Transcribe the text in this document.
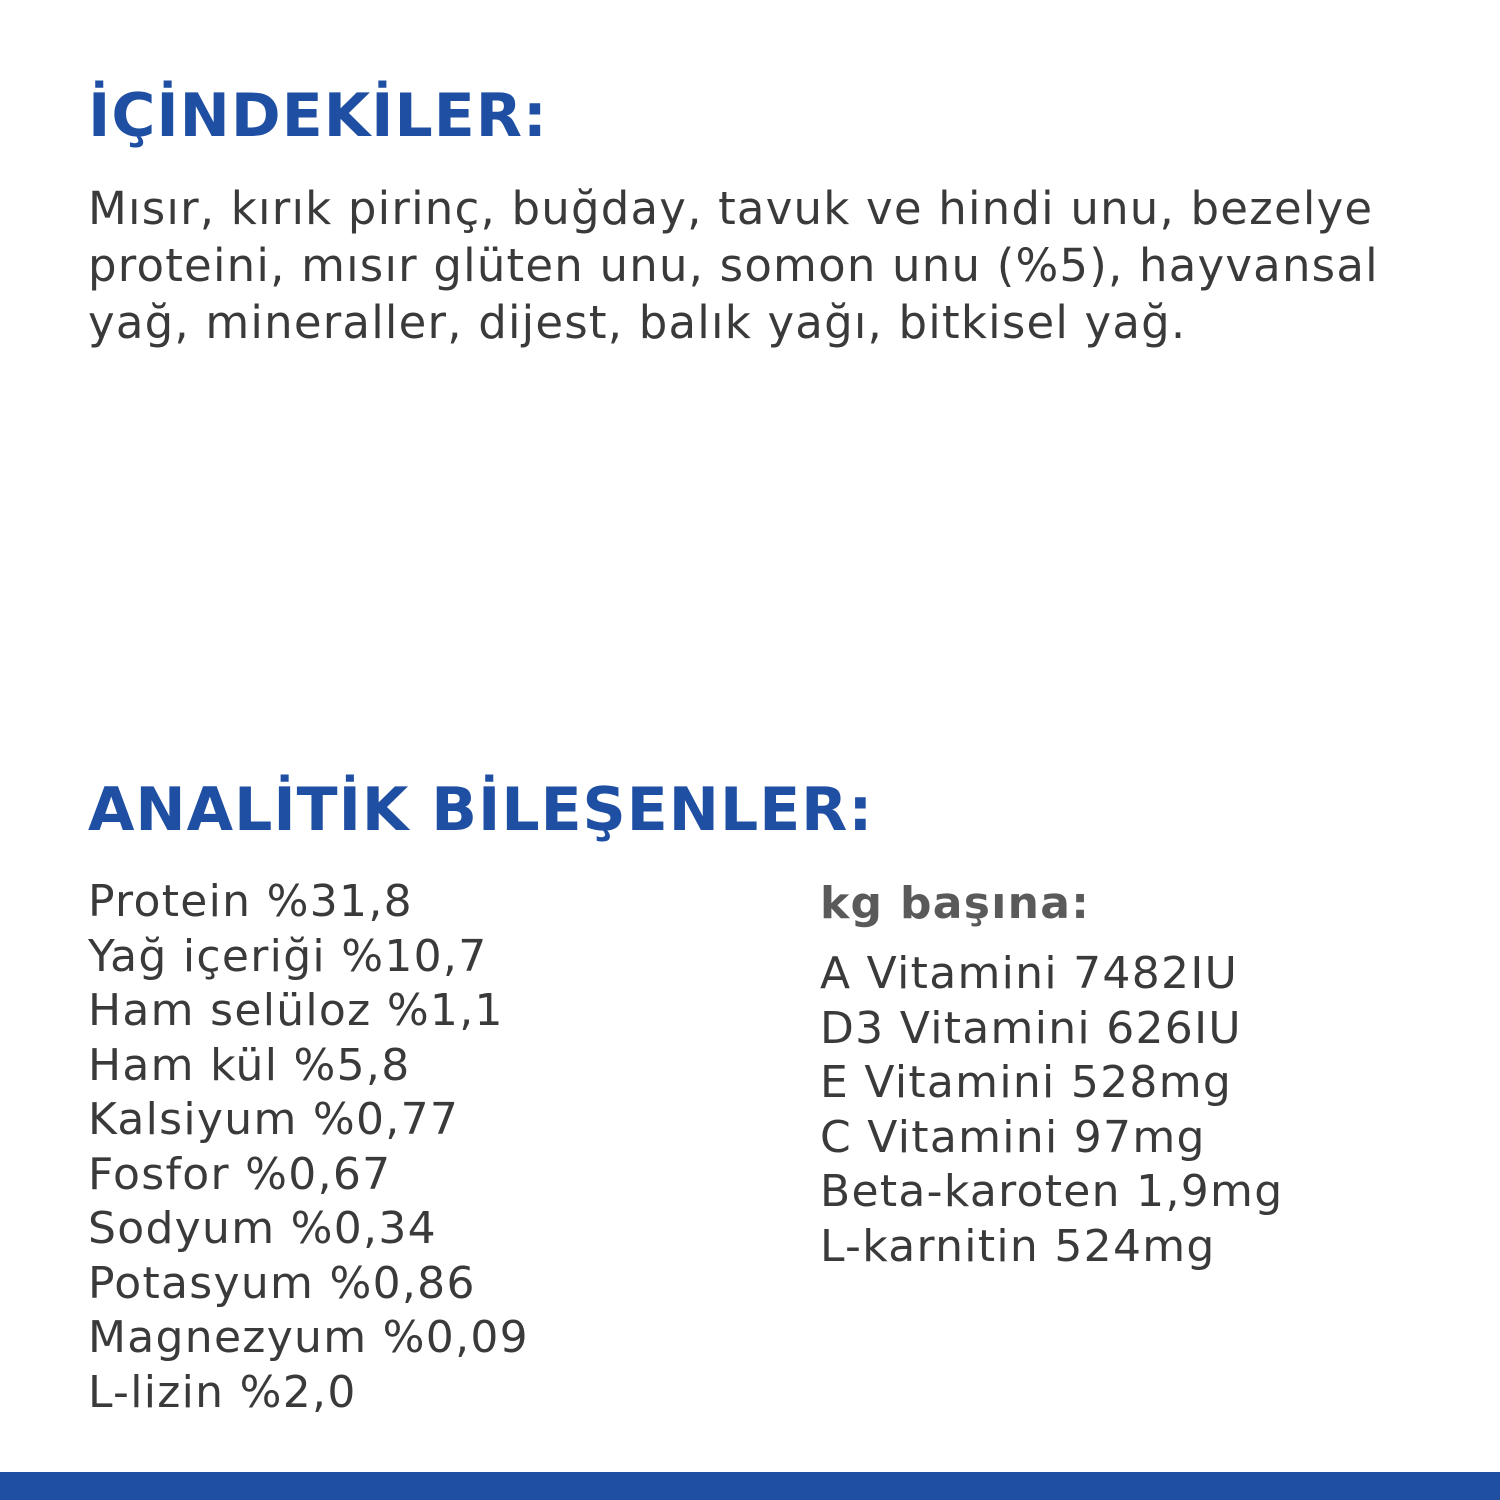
İÇİNDEKİLER:

Mısır, kırık pirinç, buğday, tavuk ve hindi unu, bezelye proteini, mısır glüten unu, somon unu (%5), hayvansal yağ, mineraller, dijest, balık yağı, bitkisel yağ.

ANALİTİK BİLEŞENLER:
Protein %31,8
Yağ içeriği %10,7
Ham selüloz %1,1
Ham kül %5,8
Kalsiyum %0,77
Fosfor %0,67
Sodyum %0,34
Potasyum %0,86
Magnezyum %0,09
L-lizin %2,0
kg başına:
A Vitamini 7482IU
D3 Vitamini 626IU
E Vitamini 528mg
C Vitamini 97mg
Beta-karoten 1,9mg
L-karnitin 524mg
